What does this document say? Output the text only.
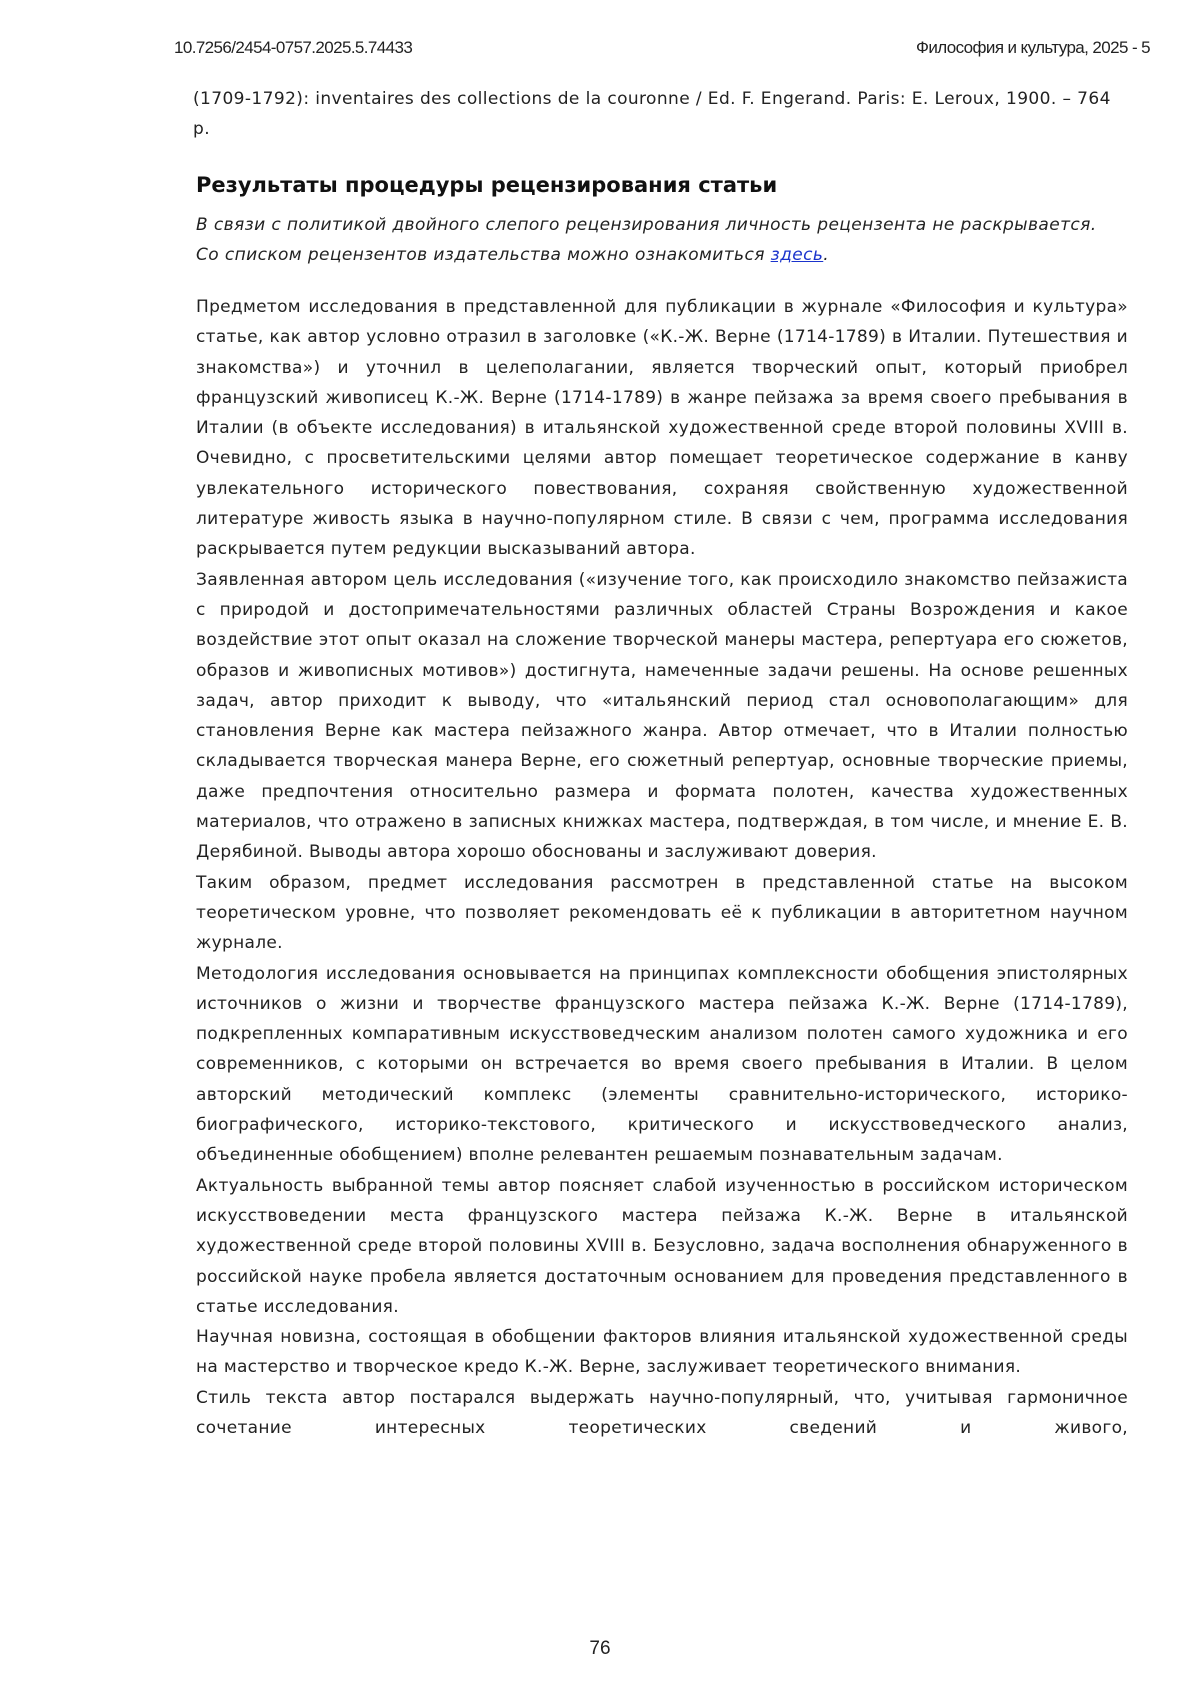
10.7256/2454-0757.2025.5.74433	Философия и культура, 2025 - 5

(1709-1792): inventaires des collections de la couronne / Ed. F. Engerand. Paris: E. Leroux, 1900. – 764 p.

Результаты процедуры рецензирования статьи

В связи с политикой двойного слепого рецензирования личность рецензента не раскрывается.

Со списком рецензентов издательства можно ознакомиться здесь.

Предметом исследования в представленной для публикации в журнале «Философия и культура» статье, как автор условно отразил в заголовке («К.-Ж. Верне (1714-1789) в Италии. Путешествия и знакомства») и уточнил в целеполагании, является творческий опыт, который приобрел французский живописец К.-Ж. Верне (1714-1789) в жанре пейзажа за время своего пребывания в Италии (в объекте исследования) в итальянской художественной среде второй половины XVIII в. Очевидно, с просветительскими целями автор помещает теоретическое содержание в канву увлекательного исторического повествования, сохраняя свойственную художественной литературе живость языка в научно-популярном стиле. В связи с чем, программа исследования раскрывается путем редукции высказываний автора.

Заявленная автором цель исследования («изучение того, как происходило знакомство пейзажиста с природой и достопримечательностями различных областей Страны Возрождения и какое воздействие этот опыт оказал на сложение творческой манеры мастера, репертуара его сюжетов, образов и живописных мотивов») достигнута, намеченные задачи решены. На основе решенных задач, автор приходит к выводу, что «итальянский период стал основополагающим» для становления Верне как мастера пейзажного жанра. Автор отмечает, что в Италии полностью складывается творческая манера Верне, его сюжетный репертуар, основные творческие приемы, даже предпочтения относительно размера и формата полотен, качества художественных материалов, что отражено в записных книжках мастера, подтверждая, в том числе, и мнение Е. В. Дерябиной. Выводы автора хорошо обоснованы и заслуживают доверия.

Таким образом, предмет исследования рассмотрен в представленной статье на высоком теоретическом уровне, что позволяет рекомендовать её к публикации в авторитетном научном журнале.

Методология исследования основывается на принципах комплексности обобщения эпистолярных источников о жизни и творчестве французского мастера пейзажа К.-Ж. Верне (1714-1789), подкрепленных компаративным искусствоведческим анализом полотен самого художника и его современников, с которыми он встречается во время своего пребывания в Италии. В целом авторский методический комплекс (элементы сравнительно-исторического, историко-биографического, историко-текстового, критического и искусствоведческого анализ, объединенные обобщением) вполне релевантен решаемым познавательным задачам.

Актуальность выбранной темы автор поясняет слабой изученностью в российском историческом искусствоведении места французского мастера пейзажа К.-Ж. Верне в итальянской художественной среде второй половины XVIII в. Безусловно, задача восполнения обнаруженного в российской науке пробела является достаточным основанием для проведения представленного в статье исследования.

Научная новизна, состоящая в обобщении факторов влияния итальянской художественной среды на мастерство и творческое кредо К.-Ж. Верне, заслуживает теоретического внимания.

Стиль текста автор постарался выдержать научно-популярный, что, учитывая гармоничное сочетание интересных теоретических сведений и живого,

76
